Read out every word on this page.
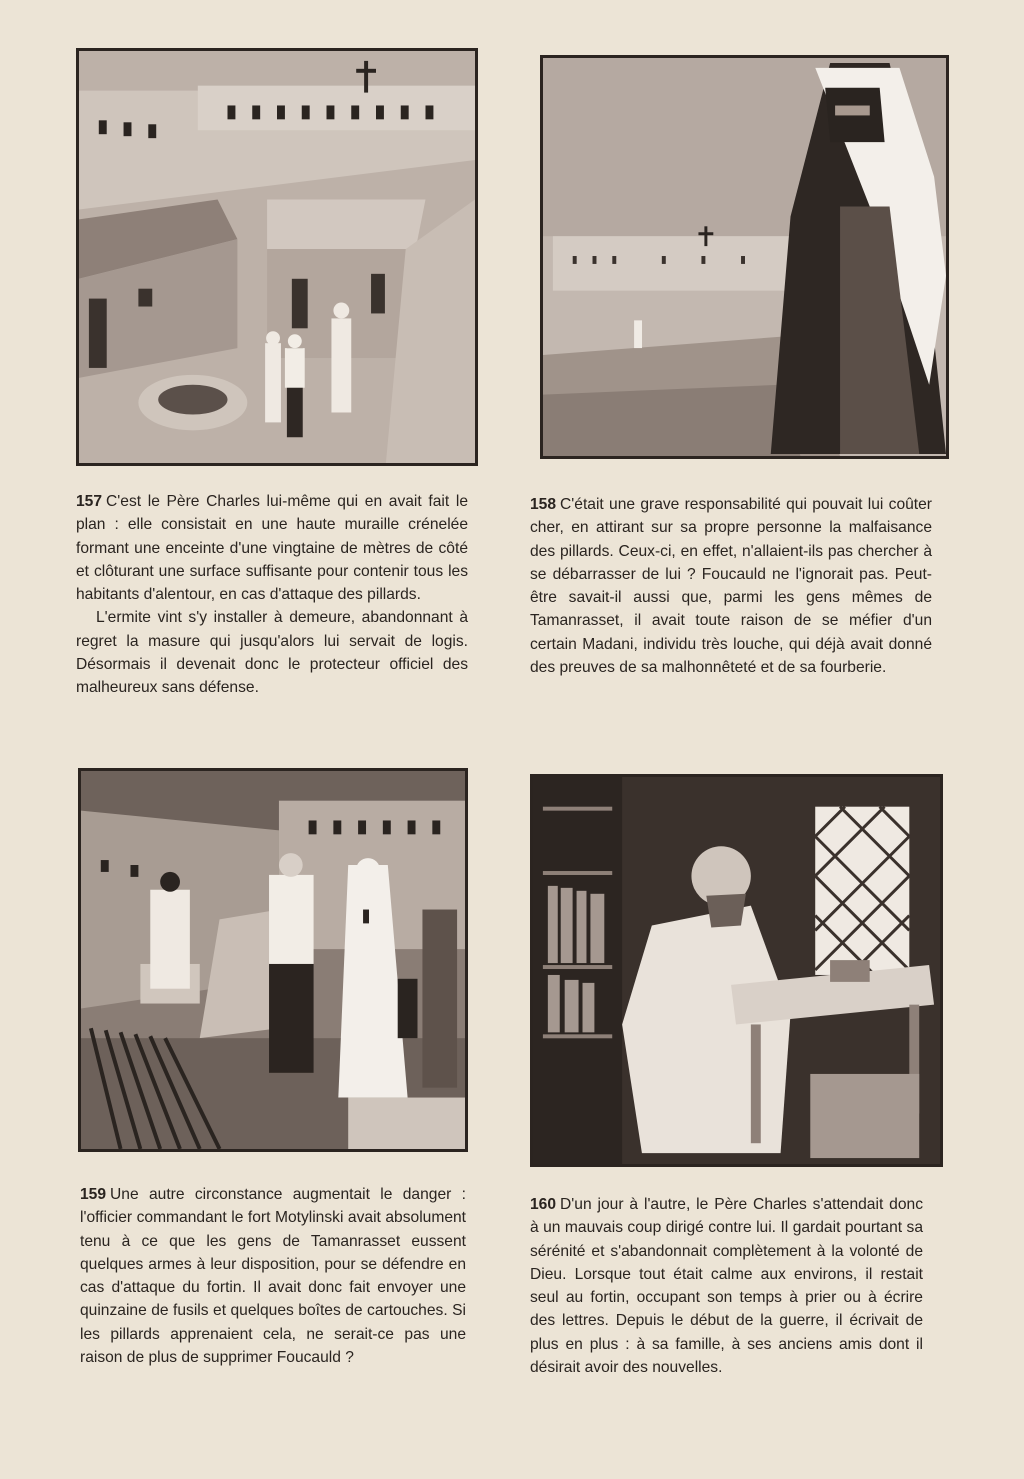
157 C'est le Père Charles lui-même qui en avait fait le plan : elle consistait en une haute muraille crénelée formant une enceinte d'une vingtaine de mètres de côté et clôturant une surface suffisante pour contenir tous les habitants d'alentour, en cas d'attaque des pillards.

L'ermite vint s'y installer à demeure, abandonnant à regret la masure qui jusqu'alors lui servait de logis. Désormais il devenait donc le protecteur officiel des malheureux sans défense.

158 C'était une grave responsabilité qui pouvait lui coûter cher, en attirant sur sa propre personne la malfaisance des pillards. Ceux-ci, en effet, n'allaient-ils pas chercher à se débarrasser de lui ? Foucauld ne l'ignorait pas. Peut-être savait-il aussi que, parmi les gens mêmes de Tamanrasset, il avait toute raison de se méfier d'un certain Madani, individu très louche, qui déjà avait donné des preuves de sa malhonnêteté et de sa fourberie.

159 Une autre circonstance augmentait le danger : l'officier commandant le fort Motylinski avait absolument tenu à ce que les gens de Tamanrasset eussent quelques armes à leur disposition, pour se défendre en cas d'attaque du fortin. Il avait donc fait envoyer une quinzaine de fusils et quelques boîtes de cartouches. Si les pillards apprenaient cela, ne serait-ce pas une raison de plus de supprimer Foucauld ?

160 D'un jour à l'autre, le Père Charles s'attendait donc à un mauvais coup dirigé contre lui. Il gardait pourtant sa sérénité et s'abandonnait complètement à la volonté de Dieu. Lorsque tout était calme aux environs, il restait seul au fortin, occupant son temps à prier ou à écrire des lettres. Depuis le début de la guerre, il écrivait de plus en plus : à sa famille, à ses anciens amis dont il désirait avoir des nouvelles.
